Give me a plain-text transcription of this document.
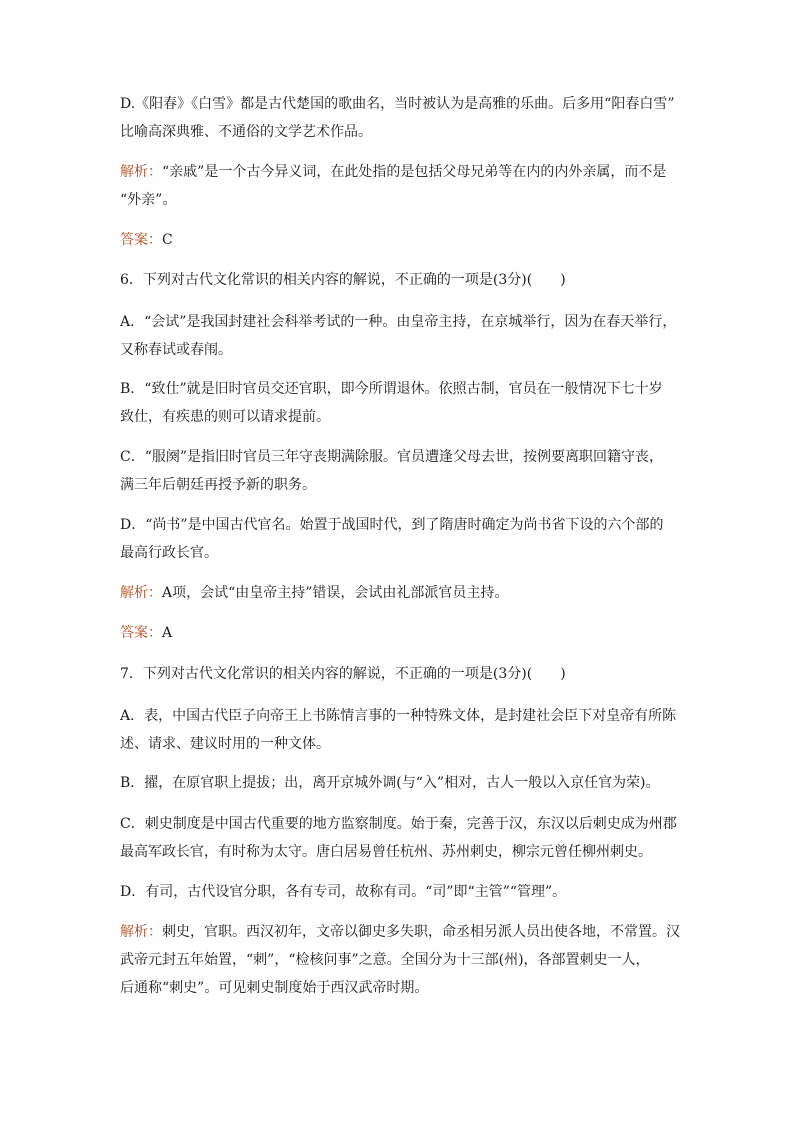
D.《阳春》《白雪》都是古代楚国的歌曲名，当时被认为是高雅的乐曲。后多用“阳春白雪”
比喻高深典雅、不通俗的文学艺术作品。
解析：“亲戚”是一个古今异义词，在此处指的是包括父母兄弟等在内的内外亲属，而不是
“外亲”。
答案：C
6．下列对古代文化常识的相关内容的解说，不正确的一项是(3分)(　　)
A．“会试”是我国封建社会科举考试的一种。由皇帝主持，在京城举行，因为在春天举行，
又称春试或春闱。
B．“致仕”就是旧时官员交还官职，即今所谓退休。依照古制，官员在一般情况下七十岁
致仕，有疾患的则可以请求提前。
C．“服阕”是指旧时官员三年守丧期满除服。官员遭逢父母去世，按例要离职回籍守丧，
满三年后朝廷再授予新的职务。
D．“尚书”是中国古代官名。始置于战国时代，到了隋唐时确定为尚书省下设的六个部的
最高行政长官。
解析：A项，会试“由皇帝主持”错误，会试由礼部派官员主持。
答案：A
7．下列对古代文化常识的相关内容的解说，不正确的一项是(3分)(　　)
A．表，中国古代臣子向帝王上书陈情言事的一种特殊文体，是封建社会臣下对皇帝有所陈
述、请求、建议时用的一种文体。
B．擢，在原官职上提拔；出，离开京城外调(与“入”相对，古人一般以入京任官为荣)。
C．刺史制度是中国古代重要的地方监察制度。始于秦，完善于汉，东汉以后刺史成为州郡
最高军政长官，有时称为太守。唐白居易曾任杭州、苏州刺史，柳宗元曾任柳州刺史。
D．有司，古代设官分职，各有专司，故称有司。“司”即“主管”“管理”。
解析：刺史，官职。西汉初年，文帝以御史多失职，命丞相另派人员出使各地，不常置。汉
武帝元封五年始置，“刺”，“检核问事”之意。全国分为十三部(州)，各部置刺史一人，
后通称“刺史”。可见刺史制度始于西汉武帝时期。
